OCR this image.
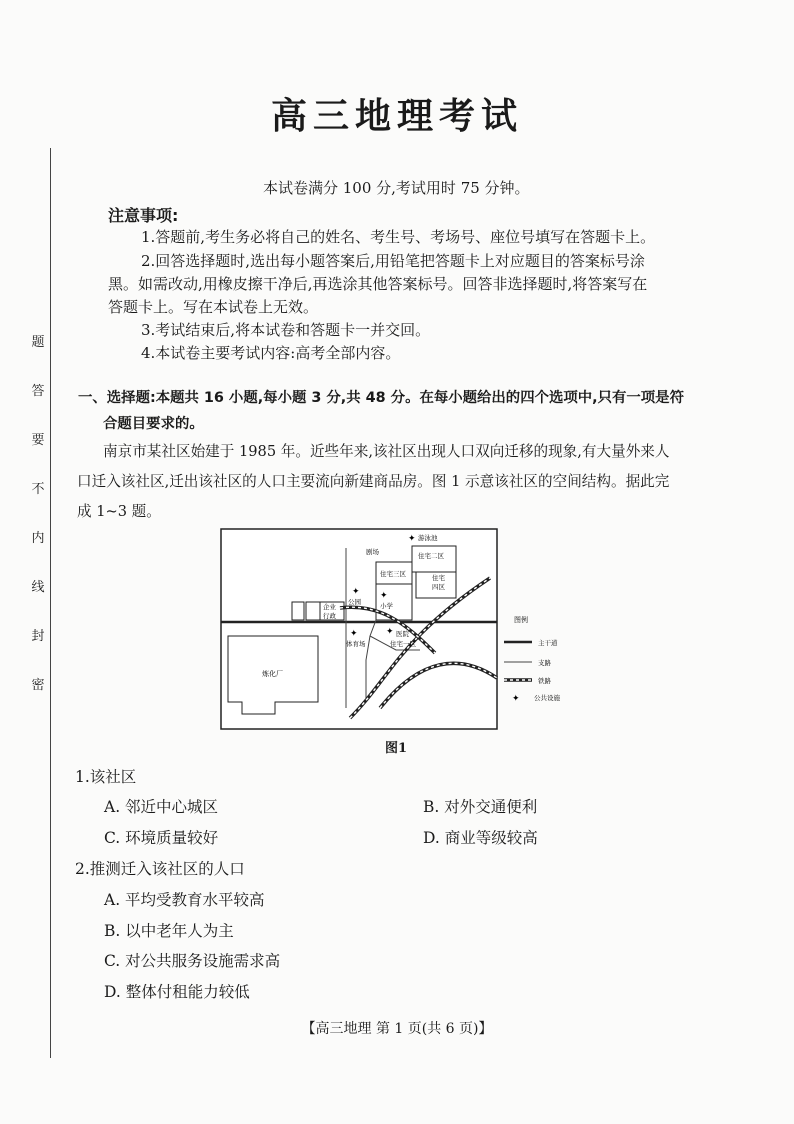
题
答
要
不
内
线
封
密
高三地理考试

本试卷满分 100 分,考试用时 75 分钟。

注意事项:

1.答题前,考生务必将自己的姓名、考生号、考场号、座位号填写在答题卡上。

2.回答选择题时,选出每小题答案后,用铅笔把答题卡上对应题目的答案标号涂

黑。如需改动,用橡皮擦干净后,再选涂其他答案标号。回答非选择题时,将答案写在

答题卡上。写在本试卷上无效。

3.考试结束后,将本试卷和答题卡一并交回。

4.本试卷主要考试内容:高考全部内容。

一、选择题:本题共 16 小题,每小题 3 分,共 48 分。在每小题给出的四个选项中,只有一项是符

合题目要求的。

南京市某社区始建于 1985 年。近些年来,该社区出现人口双向迁移的现象,有大量外来人

口迁入该社区,迁出该社区的人口主要流向新建商品房。图 1 示意该社区的空间结构。据此完

成 1~3 题。

炼化厂
企业
行政
✦ 游泳池
剧场	住宅二区
住宅三区	住宅
四区
✦
公园
✦
小学
✦
体育场
✦ 医院
住宅一区
图例
主干道
支路
铁路
✦ 公共设施

图1

1.该社区

A. 邻近中心城区	B. 对外交通便利

C. 环境质量较好	D. 商业等级较高

2.推测迁入该社区的人口

A. 平均受教育水平较高

B. 以中老年人为主

C. 对公共服务设施需求高

D. 整体付租能力较低

【高三地理 第 1 页(共 6 页)】
